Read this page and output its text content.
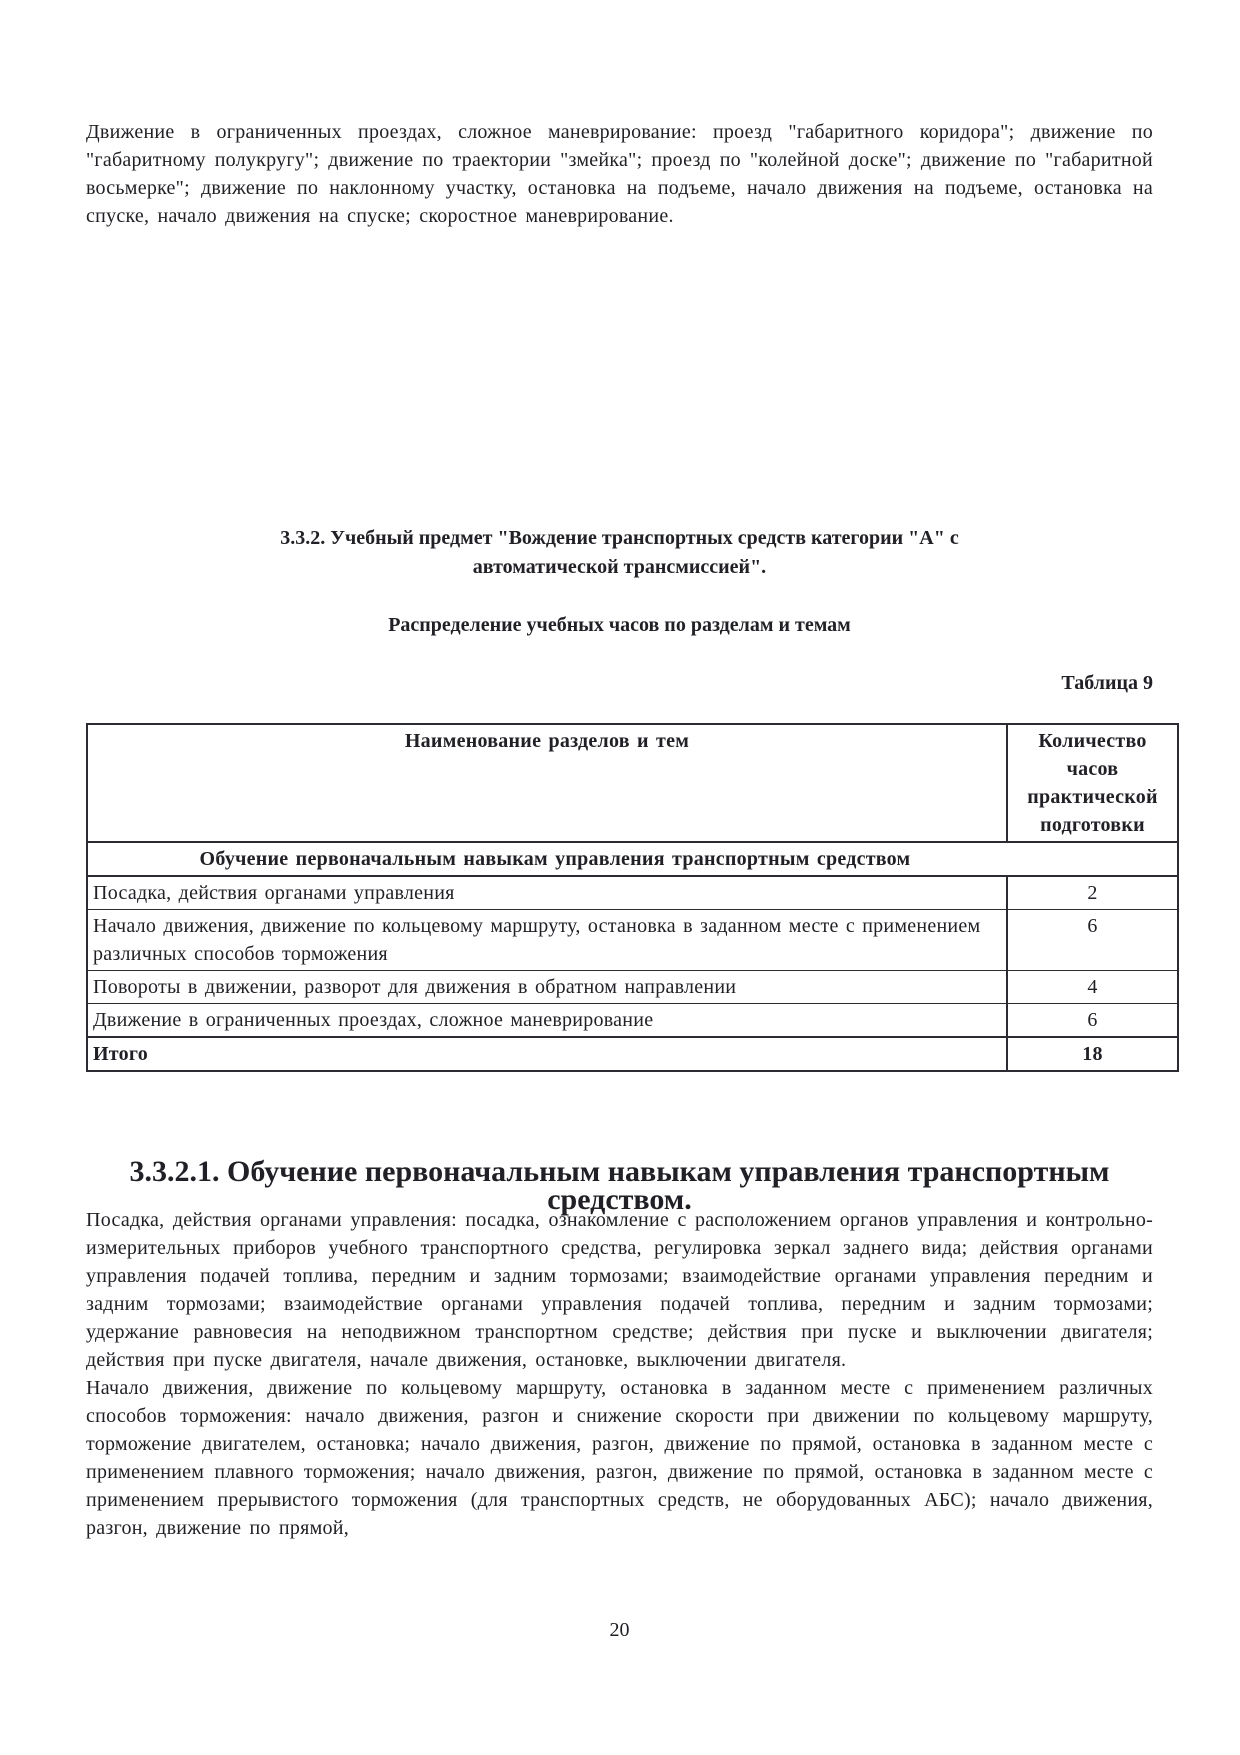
Движение в ограниченных проездах, сложное маневрирование: проезд "габаритного коридора"; движение по "габаритному полукругу"; движение по траектории "змейка"; проезд по "колейной доске"; движение по "габаритной восьмерке"; движение по наклонному участку, остановка на подъеме, начало движения на подъеме, остановка на спуске, начало движения на спуске; скоростное маневрирование.

3.3.2. Учебный предмет "Вождение транспортных средств категории "А" с автоматической трансмиссией".

Распределение учебных часов по разделам и темам

Таблица 9

Наименование разделов и тем	Количество часов практической подготовки
Обучение первоначальным навыкам управления транспортным средством	
Посадка, действия органами управления	2
Начало движения, движение по кольцевому маршруту, остановка в заданном месте с применением различных способов торможения	6
Повороты в движении, разворот для движения в обратном направлении	4
Движение в ограниченных проездах, сложное маневрирование	6
Итого	18
3.3.2.1. Обучение первоначальным навыкам управления транспортным средством.

Посадка, действия органами управления: посадка, ознакомление с расположением органов управления и контрольно-измерительных приборов учебного транспортного средства, регулировка зеркал заднего вида; действия органами управления подачей топлива, передним и задним тормозами; взаимодействие органами управления передним и задним тормозами; взаимодействие органами управления подачей топлива, передним и задним тормозами; удержание равновесия на неподвижном транспортном средстве; действия при пуске и выключении двигателя; действия при пуске двигателя, начале движения, остановке, выключении двигателя.

Начало движения, движение по кольцевому маршруту, остановка в заданном месте с применением различных способов торможения: начало движения, разгон и снижение скорости при движении по кольцевому маршруту, торможение двигателем, остановка; начало движения, разгон, движение по прямой, остановка в заданном месте с применением плавного торможения; начало движения, разгон, движение по прямой, остановка в заданном месте с применением прерывистого торможения (для транспортных средств, не оборудованных АБС); начало движения, разгон, движение по прямой,

20
